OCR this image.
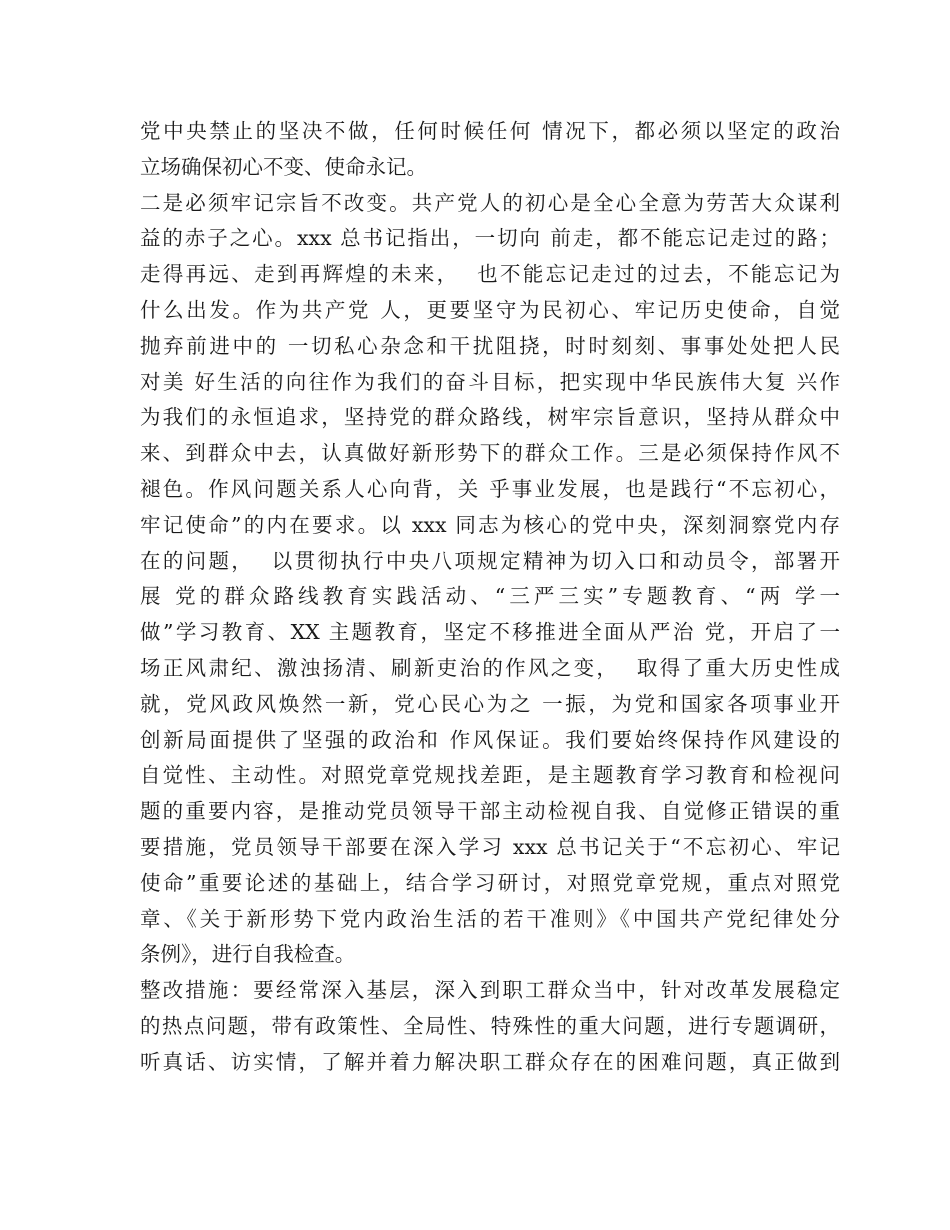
党中央禁止的坚决不做，任何时候任何 情况下，都必须以坚定的政治
立场确保初心不变、使命永记。
二是必须牢记宗旨不改变。共产党人的初心是全心全意为劳苦大众谋利
益的赤子之心。xxx 总书记指出，一切向 前走，都不能忘记走过的路；
走得再远、走到再辉煌的未来，  也不能忘记走过的过去，不能忘记为
什么出发。作为共产党 人，更要坚守为民初心、牢记历史使命，自觉
抛弃前进中的 一切私心杂念和干扰阻挠，时时刻刻、事事处处把人民
对美 好生活的向往作为我们的奋斗目标，把实现中华民族伟大复 兴作
为我们的永恒追求，坚持党的群众路线，树牢宗旨意识，坚持从群众中
来、到群众中去，认真做好新形势下的群众工作。三是必须保持作风不
褪色。作风问题关系人心向背，关 乎事业发展，也是践行“不忘初心，
牢记使命”的内在要求。以 xxx 同志为核心的党中央，深刻洞察党内存
在的问题，  以贯彻执行中央八项规定精神为切入口和动员令，部署开
展 党的群众路线教育实践活动、“三严三实”专题教育、“两 学一
做”学习教育、XX 主题教育，坚定不移推进全面从严治 党，开启了一
场正风肃纪、激浊扬清、刷新吏治的作风之变，  取得了重大历史性成
就，党风政风焕然一新，党心民心为之 一振，为党和国家各项事业开
创新局面提供了坚强的政治和 作风保证。我们要始终保持作风建设的
自觉性、主动性。对照党章党规找差距，是主题教育学习教育和检视问
题的重要内容，是推动党员领导干部主动检视自我、自觉修正错误的重
要措施，党员领导干部要在深入学习 xxx 总书记关于“不忘初心、牢记
使命”重要论述的基础上，结合学习研讨，对照党章党规，重点对照党
章、《关于新形势下党内政治生活的若干准则》《中国共产党纪律处分
条例》，进行自我检查。
整改措施：要经常深入基层，深入到职工群众当中，针对改革发展稳定
的热点问题，带有政策性、全局性、特殊性的重大问题，进行专题调研，
听真话、访实情，了解并着力解决职工群众存在的困难问题，真正做到
